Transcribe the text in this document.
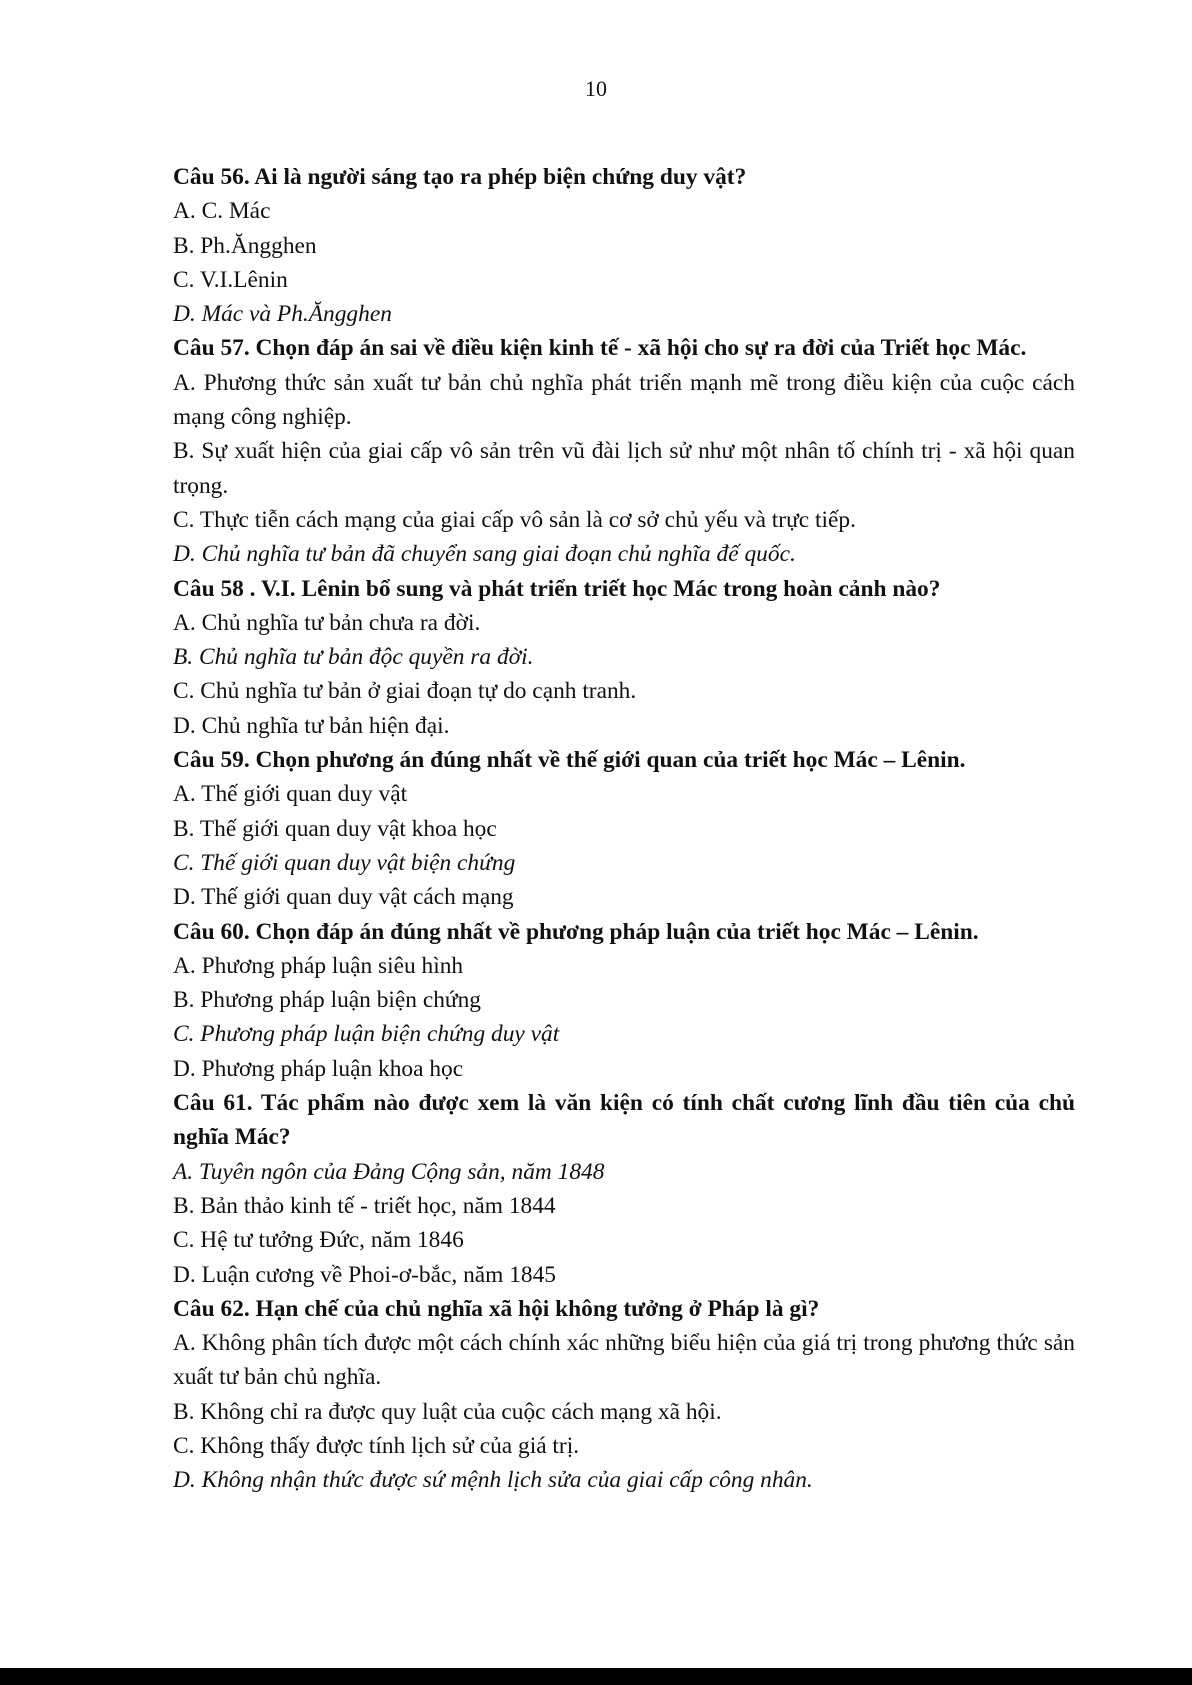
10

Câu 56. Ai là người sáng tạo ra phép biện chứng duy vật?

A. C. Mác

B. Ph.Ăngghen

C. V.I.Lênin

D. Mác và Ph.Ăngghen

Câu 57. Chọn đáp án sai về điều kiện kinh tế - xã hội cho sự ra đời của Triết học Mác.

A. Phương thức sản xuất tư bản chủ nghĩa phát triển mạnh mẽ trong điều kiện của cuộc cách mạng công nghiệp.

B. Sự xuất hiện của giai cấp vô sản trên vũ đài lịch sử như một nhân tố chính trị - xã hội quan trọng.

C. Thực tiễn cách mạng của giai cấp vô sản là cơ sở chủ yếu và trực tiếp.

D. Chủ nghĩa tư bản đã chuyển sang giai đoạn chủ nghĩa đế quốc.

Câu 58 . V.I. Lênin bổ sung và phát triển triết học Mác trong hoàn cảnh nào?

A. Chủ nghĩa tư bản chưa ra đời.

B. Chủ nghĩa tư bản độc quyền ra đời.

C. Chủ nghĩa tư bản ở giai đoạn tự do cạnh tranh.

D. Chủ nghĩa tư bản hiện đại.

Câu 59. Chọn phương án đúng nhất về thế giới quan của triết học Mác – Lênin.

A. Thế giới quan duy vật

B. Thế giới quan duy vật khoa học

C. Thế giới quan duy vật biện chứng

D. Thế giới quan duy vật cách mạng

Câu 60. Chọn đáp án đúng nhất về phương pháp luận của triết học Mác – Lênin.

A. Phương pháp luận siêu hình

B. Phương pháp luận biện chứng

C. Phương pháp luận biện chứng duy vật

D. Phương pháp luận khoa học

Câu 61. Tác phẩm nào được xem là văn kiện có tính chất cương lĩnh đầu tiên của chủ nghĩa Mác?

A. Tuyên ngôn của Đảng Cộng sản, năm 1848

B. Bản thảo kinh tế - triết học, năm 1844

C. Hệ tư tưởng Đức, năm 1846

D. Luận cương về Phoi-ơ-bắc, năm 1845

Câu 62. Hạn chế của chủ nghĩa xã hội không tưởng ở Pháp là gì?

A. Không phân tích được một cách chính xác những biểu hiện của giá trị trong phương thức sản xuất tư bản chủ nghĩa.

B. Không chỉ ra được quy luật của cuộc cách mạng xã hội.

C. Không thấy được tính lịch sử của giá trị.

D. Không nhận thức được sứ mệnh lịch sửa của giai cấp công nhân.
